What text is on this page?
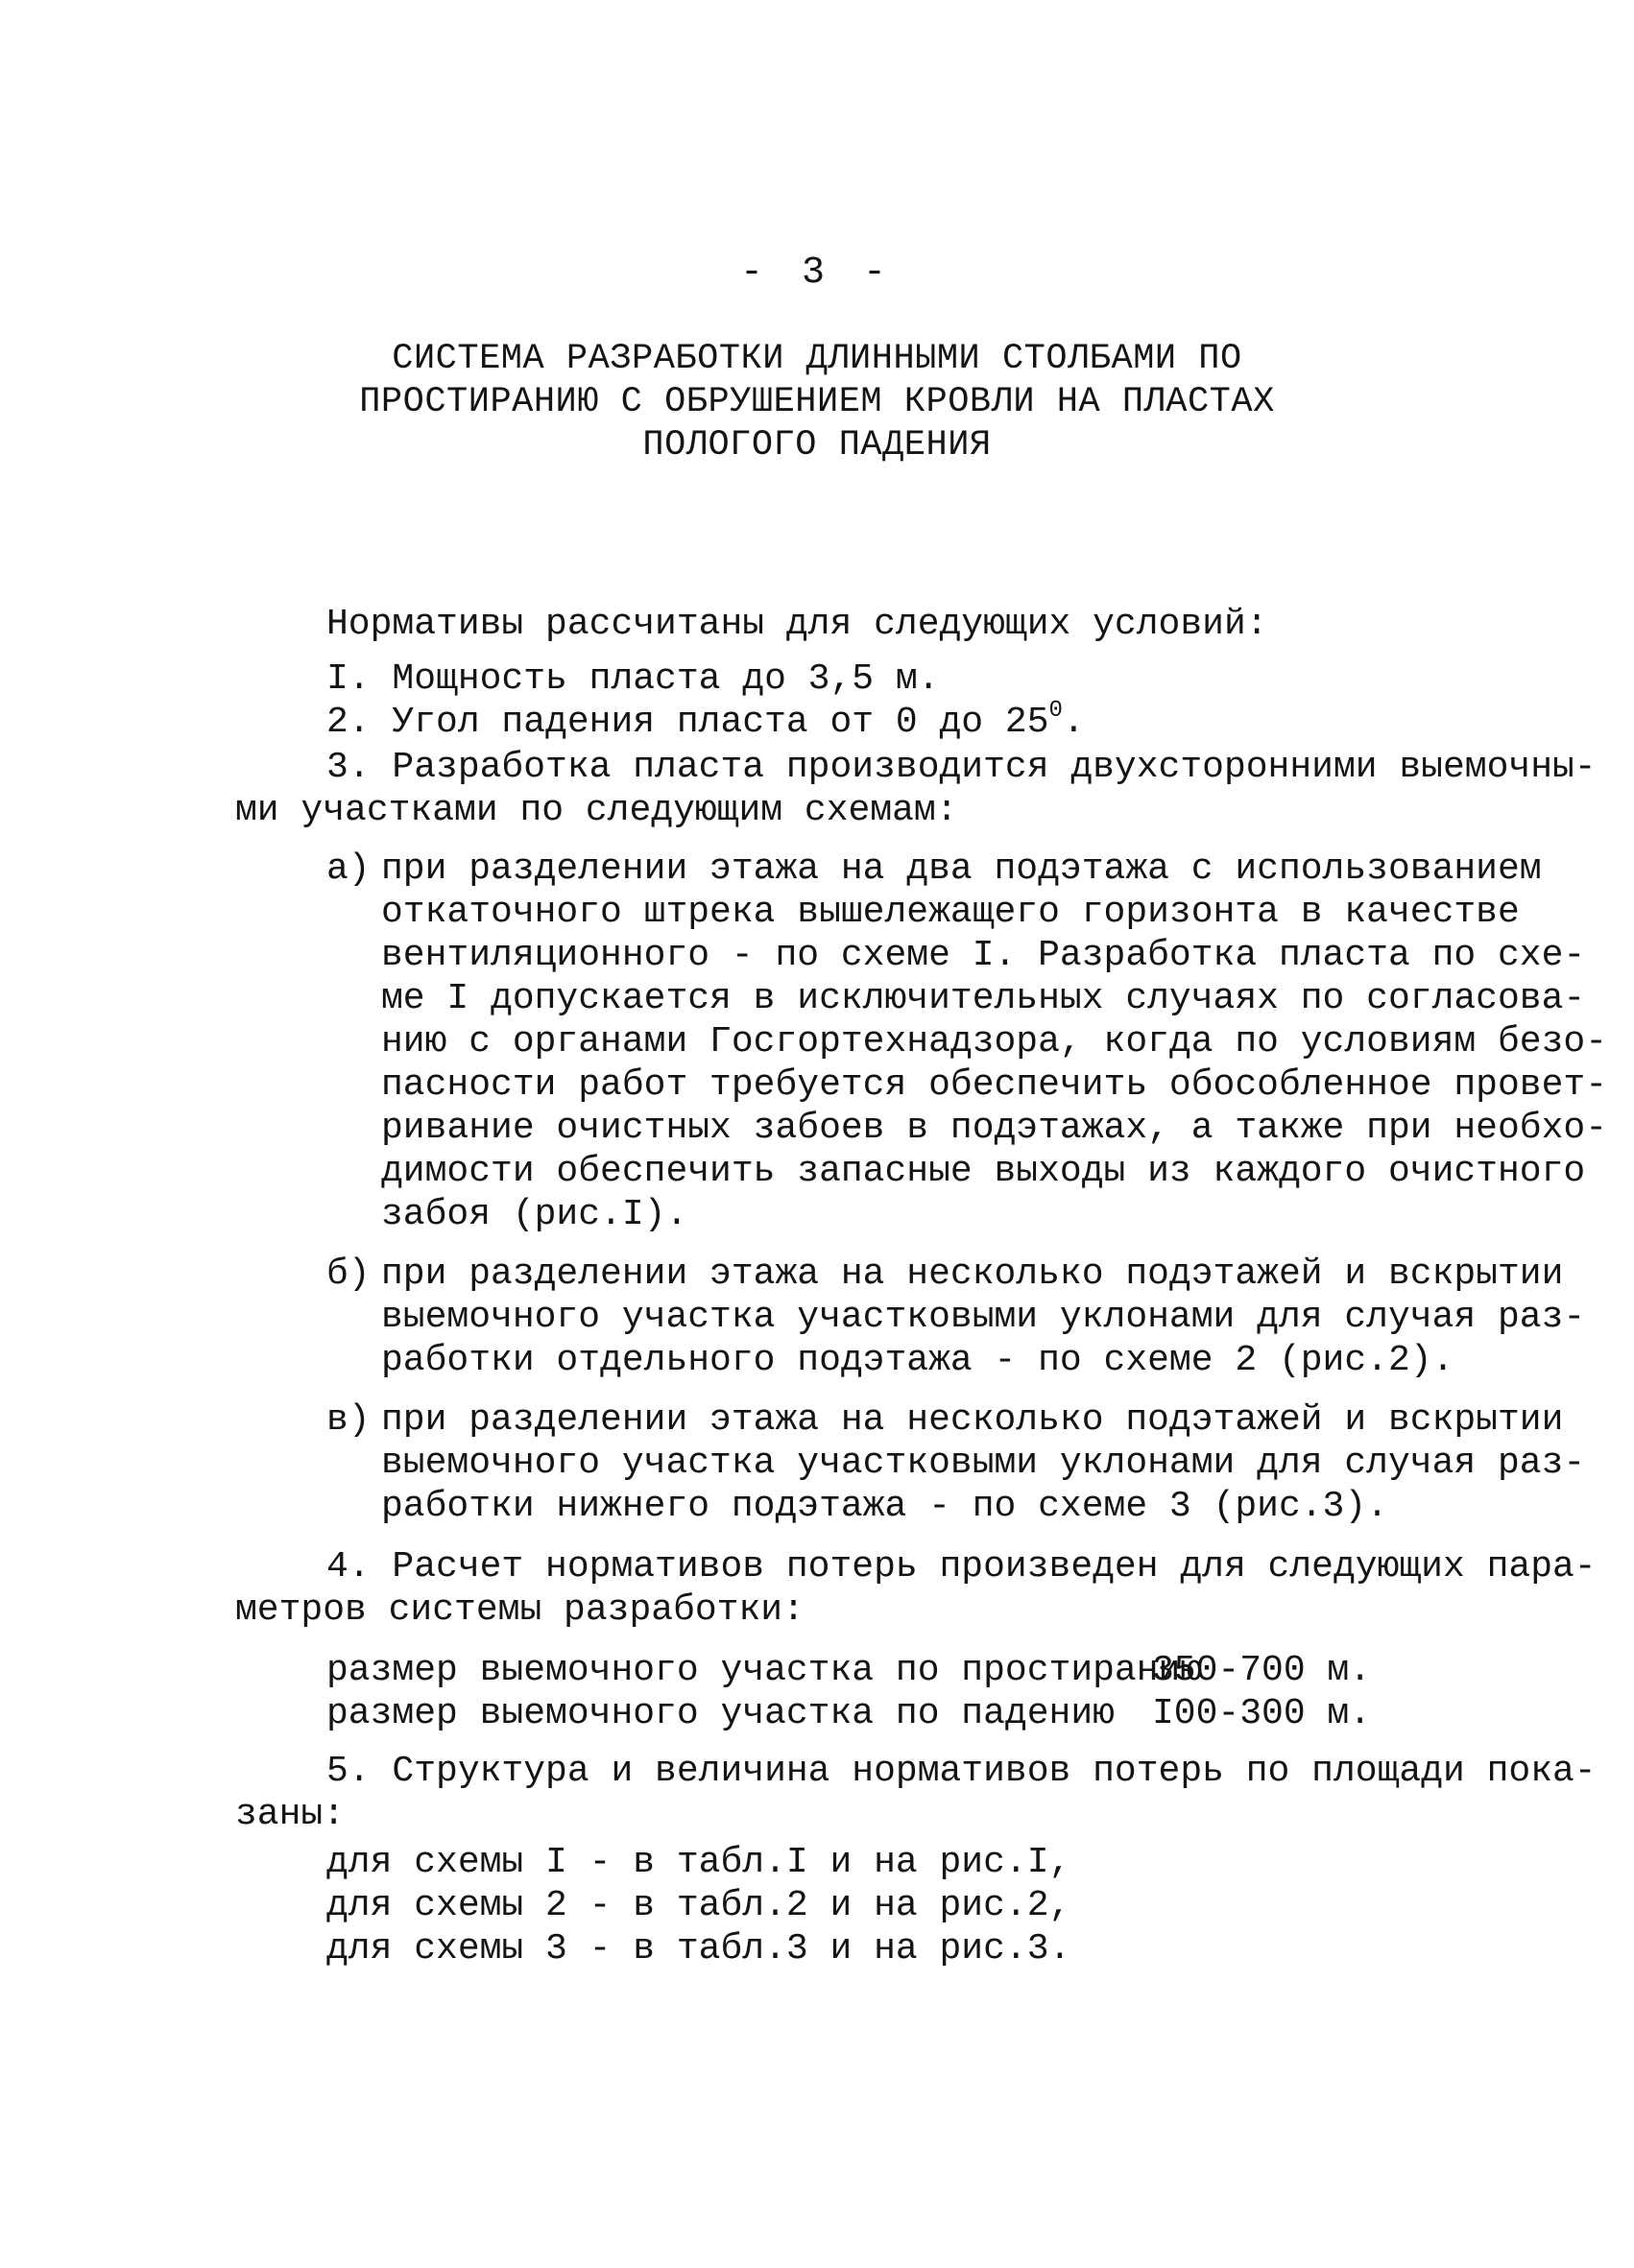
- 3 -
СИСТЕМА РАЗРАБОТКИ ДЛИННЫМИ СТОЛБАМИ ПО
ПРОСТИРАНИЮ С ОБРУШЕНИЕМ КРОВЛИ НА ПЛАСТАХ
ПОЛОГОГО ПАДЕНИЯ
Нормативы рассчитаны для следующих условий:
I. Мощность пласта до 3,5 м.
2. Угол падения пласта от 0 до $25^0$.
3. Разработка пласта производится двухсторонними выемочны-
ми участками по следующим схемам:
а) при разделении этажа на два подэтажа с использованием
откаточного штрека вышележащего горизонта в качестве
вентиляционного - по схеме I. Разработка пласта по схе-
ме I допускается в исключительных случаях по согласова-
нию с органами Госгортехнадзора, когда по условиям безо-
пасности работ требуется обеспечить обособленное провет-
ривание очистных забоев в подэтажах, а также при необхо-
димости обеспечить запасные выходы из каждого очистного
забоя (рис.I).
б) при разделении этажа на несколько подэтажей и вскрытии
выемочного участка участковыми уклонами для случая раз-
работки отдельного подэтажа - по схеме 2 (рис.2).
в) при разделении этажа на несколько подэтажей и вскрытии
выемочного участка участковыми уклонами для случая раз-
работки нижнего подэтажа - по схеме 3 (рис.3).
4. Расчет нормативов потерь произведен для следующих пара-
метров системы разработки:
размер выемочного участка по простиранию
350-700 м.
размер выемочного участка по падению I00-300 м.
5. Структура и величина нормативов потерь по площади пока-
заны:
для схемы I - в табл.I и на рис.I,
для схемы 2 - в табл.2 и на рис.2,
для схемы 3 - в табл.3 и на рис.3.
